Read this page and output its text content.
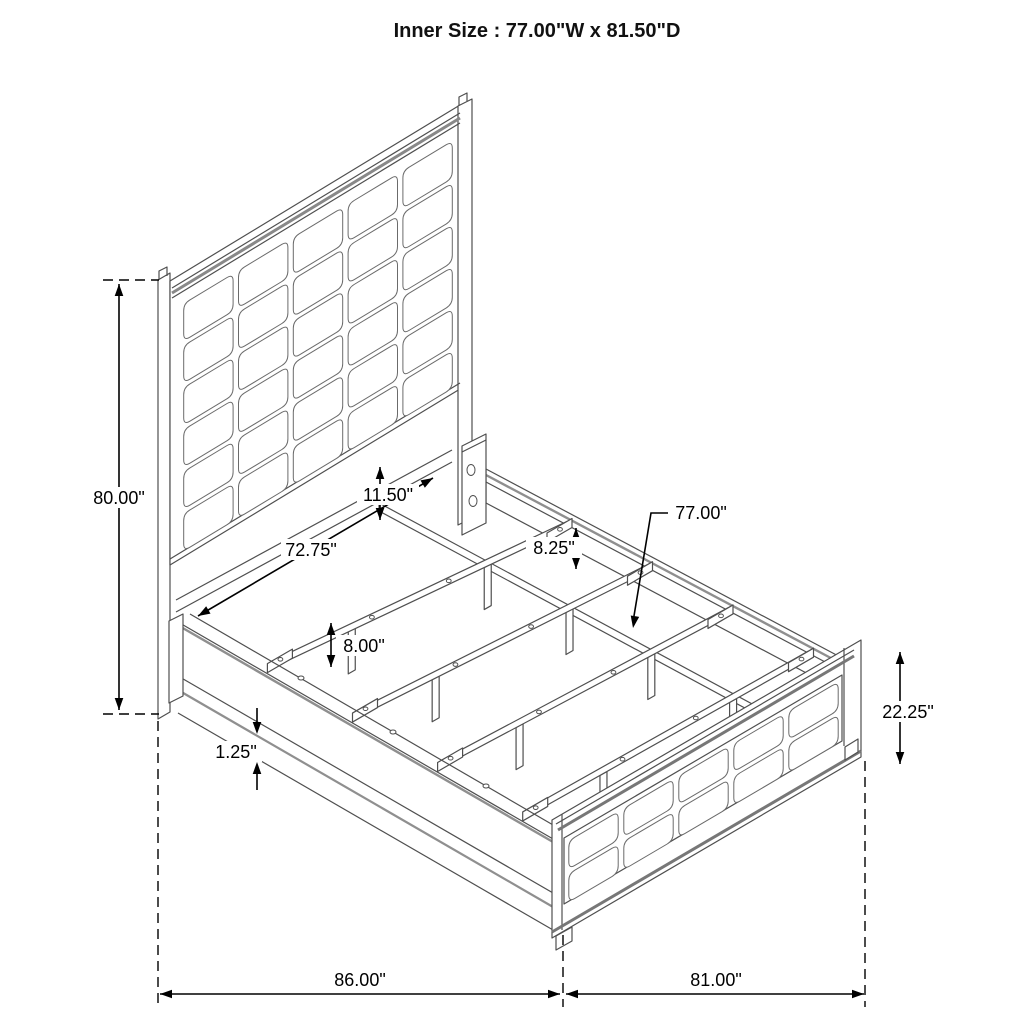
Inner Size : 77.00"W x 81.50"D
80.00"
72.75"
11.50"
8.25"
77.00"
8.00"
1.25"
22.25"
86.00"	81.00"
